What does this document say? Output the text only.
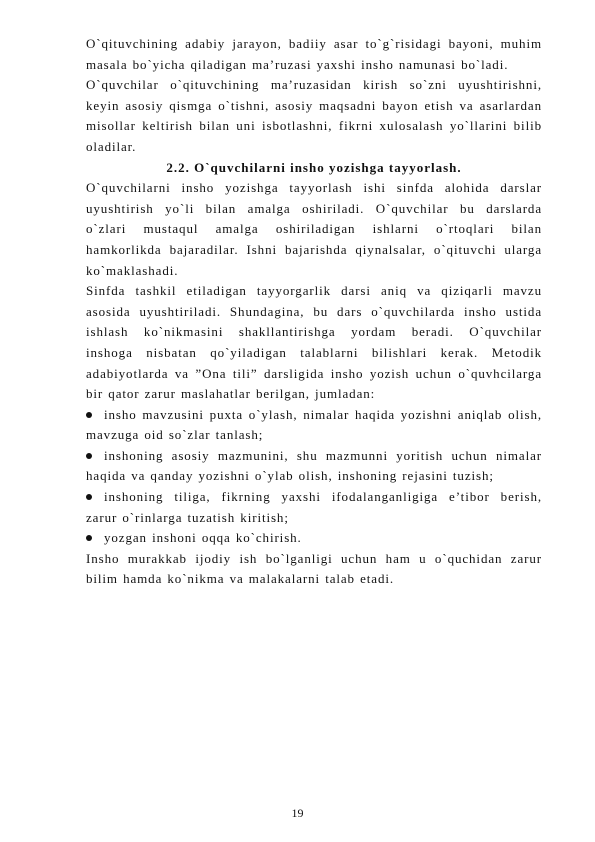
O`qituvchining adabiy jarayon, badiiy asar to`g`risidagi bayoni, muhim masala bo`yicha qiladigan ma’ruzasi yaxshi insho namunasi bo`ladi.

O`quvchilar o`qituvchining ma’ruzasidan kirish so`zni uyushtirishni, keyin asosiy qismga o`tishni, asosiy maqsadni bayon etish va asarlardan misollar keltirish bilan uni isbotlashni, fikrni xulosalash yo`llarini bilib oladilar.

2.2. O`quvchilarni insho yozishga tayyorlash.

O`quvchilarni insho yozishga tayyorlash ishi sinfda alohida darslar uyushtirish yo`li bilan amalga oshiriladi. O`quvchilar bu darslarda o`zlari mustaqul amalga oshiriladigan ishlarni o`rtoqlari bilan hamkorlikda bajaradilar. Ishni bajarishda qiynalsalar, o`qituvchi ularga ko`maklashadi.

Sinfda tashkil etiladigan tayyorgarlik darsi aniq va qiziqarli mavzu asosida uyushtiriladi. Shundagina, bu dars o`quvchilarda insho ustida ishlash ko`nikmasini shakllantirishga yordam beradi. O`quvchilar inshoga nisbatan qo`yiladigan talablarni bilishlari kerak. Metodik adabiyotlarda va ”Ona tili” darsligida insho yozish uchun o`quvhcilarga bir qator zarur maslahatlar berilgan, jumladan:

insho mavzusini puxta o`ylash, nimalar haqida yozishni aniqlab olish, mavzuga oid so`zlar tanlash;

inshoning asosiy mazmunini, shu mazmunni yoritish uchun nimalar haqida va qanday yozishni o`ylab olish, inshoning rejasini tuzish;

inshoning tiliga, fikrning yaxshi ifodalanganligiga e’tibor berish, zarur o`rinlarga tuzatish kiritish;

yozgan inshoni oqqa ko`chirish.

Insho murakkab ijodiy ish bo`lganligi uchun ham u o`quchidan zarur bilim hamda ko`nikma va malakalarni talab etadi.

19
